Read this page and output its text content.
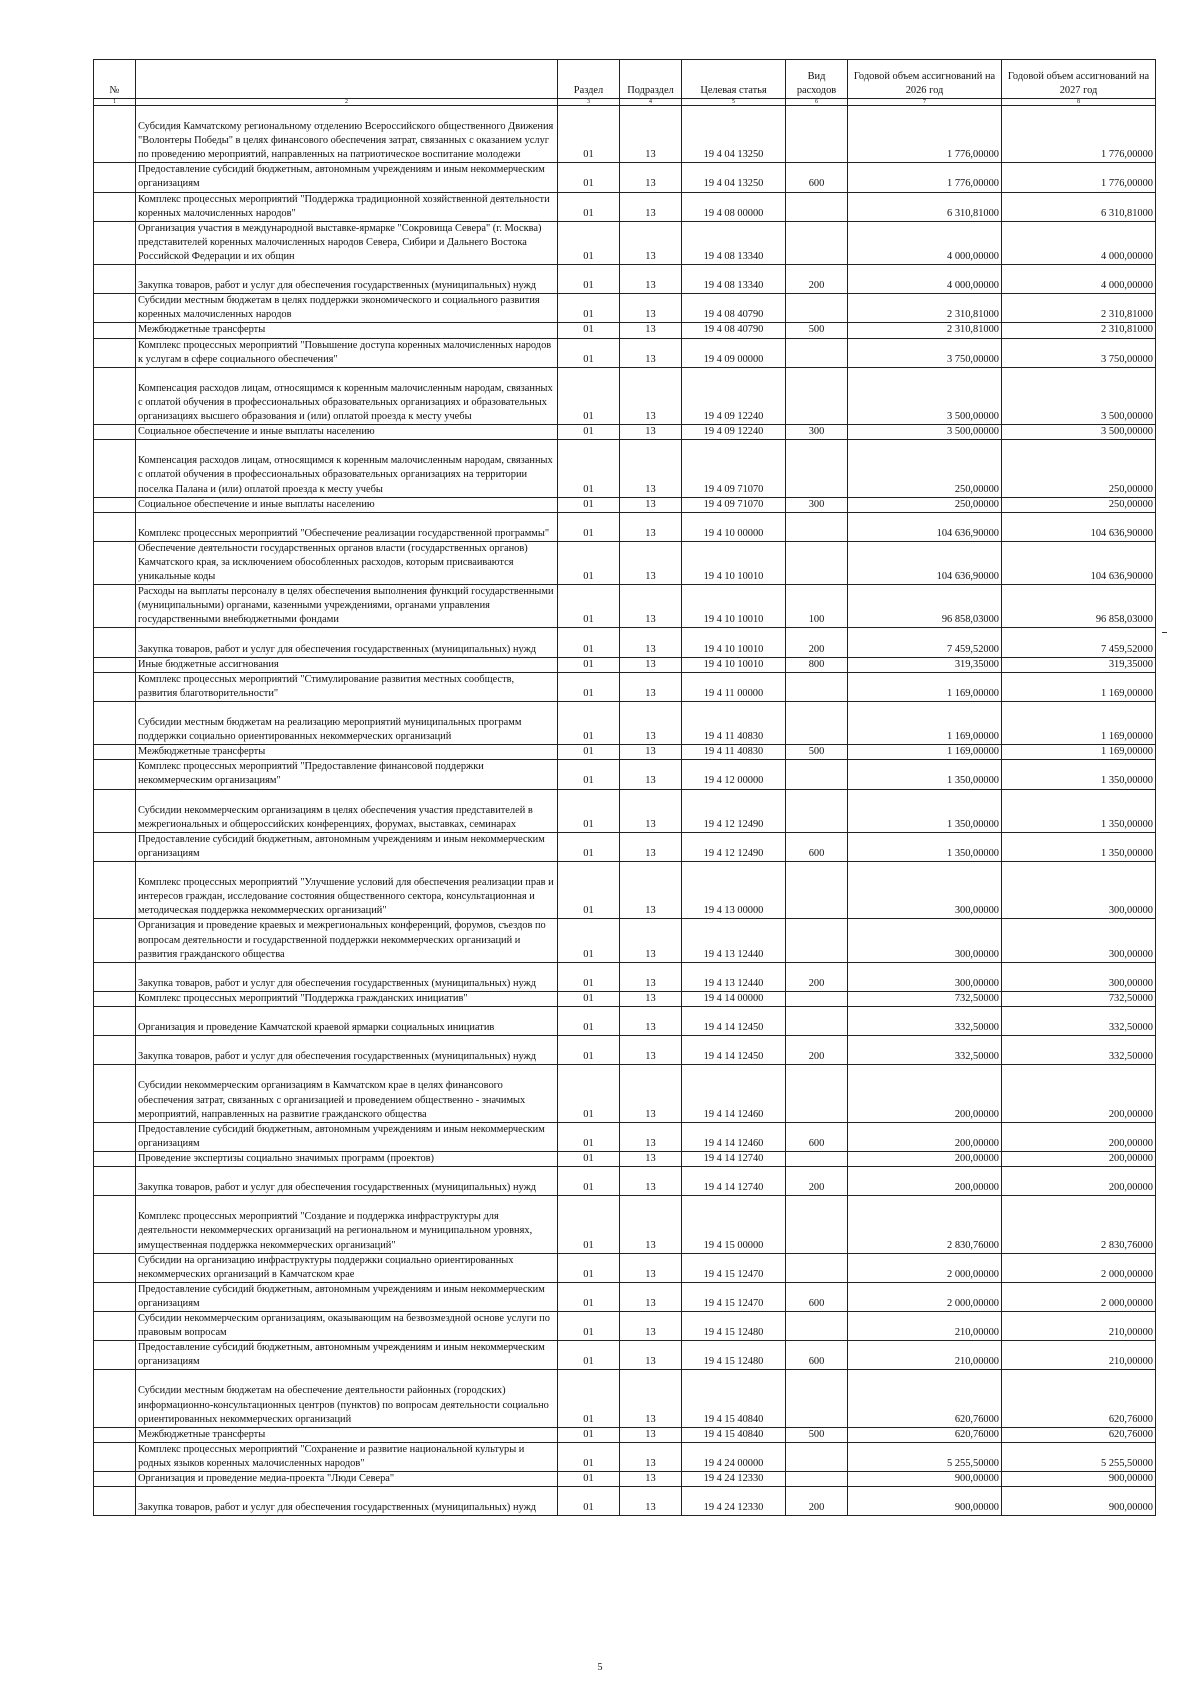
№		Раздел	Подраздел	Целевая статья	Вид расходов	Годовой объем ассигнований на 2026 год	Годовой объем ассигнований на 2027 год
1	2	3	4	5	6	7	8
	Субсидия Камчатскому региональному отделению Всероссийского общественного Движения "Волонтеры Победы" в целях финансового обеспечения затрат, связанных с оказанием услуг по проведению мероприятий, направленных на патриотическое воспитание молодежи	01	13	19 4 04 13250		1 776,00000	1 776,00000
	Предоставление субсидий бюджетным, автономным учреждениям и иным некоммерческим организациям	01	13	19 4 04 13250	600	1 776,00000	1 776,00000
	Комплекс процессных мероприятий "Поддержка традиционной хозяйственной деятельности коренных малочисленных народов"	01	13	19 4 08 00000		6 310,81000	6 310,81000
	Организация участия в международной выставке-ярмарке "Сокровища Севера" (г. Москва) представителей коренных малочисленных народов Севера, Сибири и Дальнего Востока Российской Федерации и их общин	01	13	19 4 08 13340		4 000,00000	4 000,00000
	Закупка товаров, работ и услуг для обеспечения государственных (муниципальных) нужд	01	13	19 4 08 13340	200	4 000,00000	4 000,00000
	Субсидии местным бюджетам в целях поддержки экономического и социального развития коренных малочисленных народов	01	13	19 4 08 40790		2 310,81000	2 310,81000
	Межбюджетные трансферты	01	13	19 4 08 40790	500	2 310,81000	2 310,81000
	Комплекс процессных мероприятий "Повышение доступа коренных малочисленных народов к услугам в сфере социального обеспечения"	01	13	19 4 09 00000		3 750,00000	3 750,00000
	Компенсация расходов лицам, относящимся к коренным малочисленным народам, связанных с оплатой обучения в профессиональных образовательных организациях и образовательных организациях высшего образования и (или) оплатой проезда к месту учебы	01	13	19 4 09 12240		3 500,00000	3 500,00000
	Социальное обеспечение и иные выплаты населению	01	13	19 4 09 12240	300	3 500,00000	3 500,00000
	Компенсация расходов лицам, относящимся к коренным малочисленным народам, связанных с оплатой обучения в профессиональных образовательных организациях на территории поселка Палана и (или) оплатой проезда к месту учебы	01	13	19 4 09 71070		250,00000	250,00000
	Социальное обеспечение и иные выплаты населению	01	13	19 4 09 71070	300	250,00000	250,00000
	Комплекс процессных мероприятий "Обеспечение реализации государственной программы"	01	13	19 4 10 00000		104 636,90000	104 636,90000
	Обеспечение деятельности государственных органов власти (государственных органов) Камчатского края, за исключением обособленных расходов, которым присваиваются уникальные коды	01	13	19 4 10 10010		104 636,90000	104 636,90000
	Расходы на выплаты персоналу в целях обеспечения выполнения функций государственными (муниципальными) органами, казенными учреждениями, органами управления государственными внебюджетными фондами	01	13	19 4 10 10010	100	96 858,03000	96 858,03000
	Закупка товаров, работ и услуг для обеспечения государственных (муниципальных) нужд	01	13	19 4 10 10010	200	7 459,52000	7 459,52000
	Иные бюджетные ассигнования	01	13	19 4 10 10010	800	319,35000	319,35000
	Комплекс процессных мероприятий "Стимулирование развития местных сообществ, развития благотворительности"	01	13	19 4 11 00000		1 169,00000	1 169,00000
	Субсидии местным бюджетам на реализацию мероприятий муниципальных программ поддержки социально ориентированных некоммерческих организаций	01	13	19 4 11 40830		1 169,00000	1 169,00000
	Межбюджетные трансферты	01	13	19 4 11 40830	500	1 169,00000	1 169,00000
	Комплекс процессных мероприятий "Предоставление финансовой поддержки некоммерческим организациям"	01	13	19 4 12 00000		1 350,00000	1 350,00000
	Субсидии некоммерческим организациям в целях обеспечения участия представителей в межрегиональных и общероссийских конференциях, форумах, выставках, семинарах	01	13	19 4 12 12490		1 350,00000	1 350,00000
	Предоставление субсидий бюджетным, автономным учреждениям и иным некоммерческим организациям	01	13	19 4 12 12490	600	1 350,00000	1 350,00000
	Комплекс процессных мероприятий "Улучшение условий для обеспечения реализации прав и интересов граждан, исследование состояния общественного сектора, консультационная и методическая поддержка некоммерческих организаций"	01	13	19 4 13 00000		300,00000	300,00000
	Организация и проведение краевых и межрегиональных конференций, форумов, съездов по вопросам деятельности и государственной поддержки некоммерческих организаций и развития гражданского общества	01	13	19 4 13 12440		300,00000	300,00000
	Закупка товаров, работ и услуг для обеспечения государственных (муниципальных) нужд	01	13	19 4 13 12440	200	300,00000	300,00000
	Комплекс процессных мероприятий "Поддержка гражданских инициатив"	01	13	19 4 14 00000		732,50000	732,50000
	Организация и проведение Камчатской краевой ярмарки социальных инициатив	01	13	19 4 14 12450		332,50000	332,50000
	Закупка товаров, работ и услуг для обеспечения государственных (муниципальных) нужд	01	13	19 4 14 12450	200	332,50000	332,50000
	Субсидии некоммерческим организациям в Камчатском крае в целях финансового обеспечения затрат, связанных с организацией и проведением общественно - значимых мероприятий, направленных на развитие гражданского общества	01	13	19 4 14 12460		200,00000	200,00000
	Предоставление субсидий бюджетным, автономным учреждениям и иным некоммерческим организациям	01	13	19 4 14 12460	600	200,00000	200,00000
	Проведение экспертизы социально значимых программ (проектов)	01	13	19 4 14 12740		200,00000	200,00000
	Закупка товаров, работ и услуг для обеспечения государственных (муниципальных) нужд	01	13	19 4 14 12740	200	200,00000	200,00000
	Комплекс процессных мероприятий "Создание и поддержка инфраструктуры для деятельности некоммерческих организаций на региональном и муниципальном уровнях, имущественная поддержка некоммерческих организаций"	01	13	19 4 15 00000		2 830,76000	2 830,76000
	Субсидии на организацию инфраструктуры поддержки социально ориентированных некоммерческих организаций в Камчатском крае	01	13	19 4 15 12470		2 000,00000	2 000,00000
	Предоставление субсидий бюджетным, автономным учреждениям и иным некоммерческим организациям	01	13	19 4 15 12470	600	2 000,00000	2 000,00000
	Субсидии некоммерческим организациям, оказывающим на безвозмездной основе услуги по правовым вопросам	01	13	19 4 15 12480		210,00000	210,00000
	Предоставление субсидий бюджетным, автономным учреждениям и иным некоммерческим организациям	01	13	19 4 15 12480	600	210,00000	210,00000
	Субсидии местным бюджетам на обеспечение деятельности районных (городских) информационно-консультационных центров (пунктов) по вопросам деятельности социально ориентированных некоммерческих организаций	01	13	19 4 15 40840		620,76000	620,76000
	Межбюджетные трансферты	01	13	19 4 15 40840	500	620,76000	620,76000
	Комплекс процессных мероприятий "Сохранение и развитие национальной культуры и родных языков коренных малочисленных народов"	01	13	19 4 24 00000		5 255,50000	5 255,50000
	Организация и проведение медиа-проекта "Люди Севера"	01	13	19 4 24 12330		900,00000	900,00000
	Закупка товаров, работ и услуг для обеспечения государственных (муниципальных) нужд	01	13	19 4 24 12330	200	900,00000	900,00000
5
